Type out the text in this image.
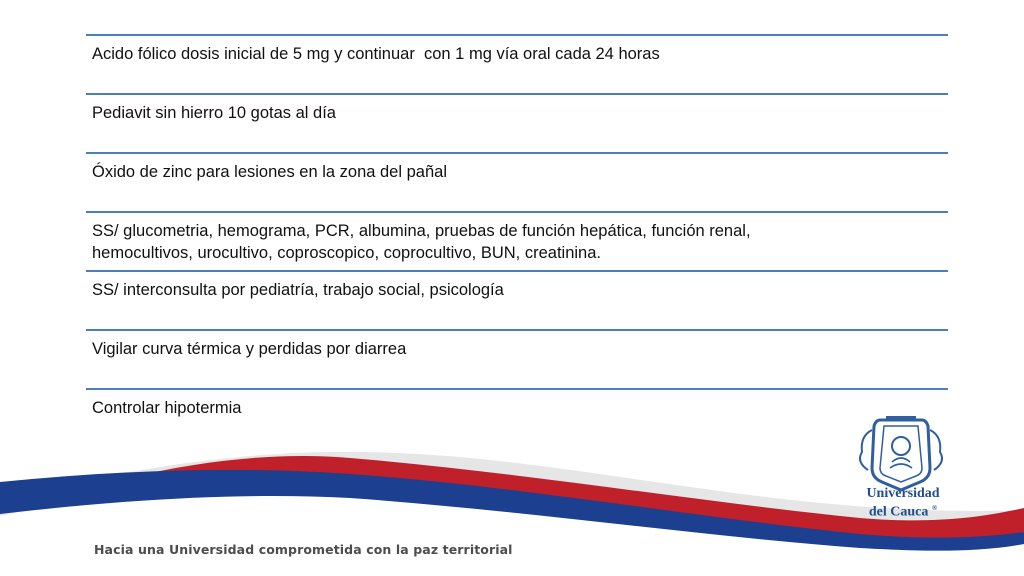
Acido fólico dosis inicial de 5 mg y continuar  con 1 mg vía oral cada 24 horas
Pediavit sin hierro 10 gotas al día
Óxido de zinc para lesiones en la zona del pañal
SS/ glucometria, hemograma, PCR, albumina, pruebas de función hepática, función renal,
hemocultivos, urocultivo, coproscopico, coprocultivo, BUN, creatinina.
SS/ interconsulta por pediatría, trabajo social, psicología
Vigilar curva térmica y perdidas por diarrea
Controlar hipotermia
Universidad
del Cauca ®
Hacia una Universidad comprometida con la paz territorial
